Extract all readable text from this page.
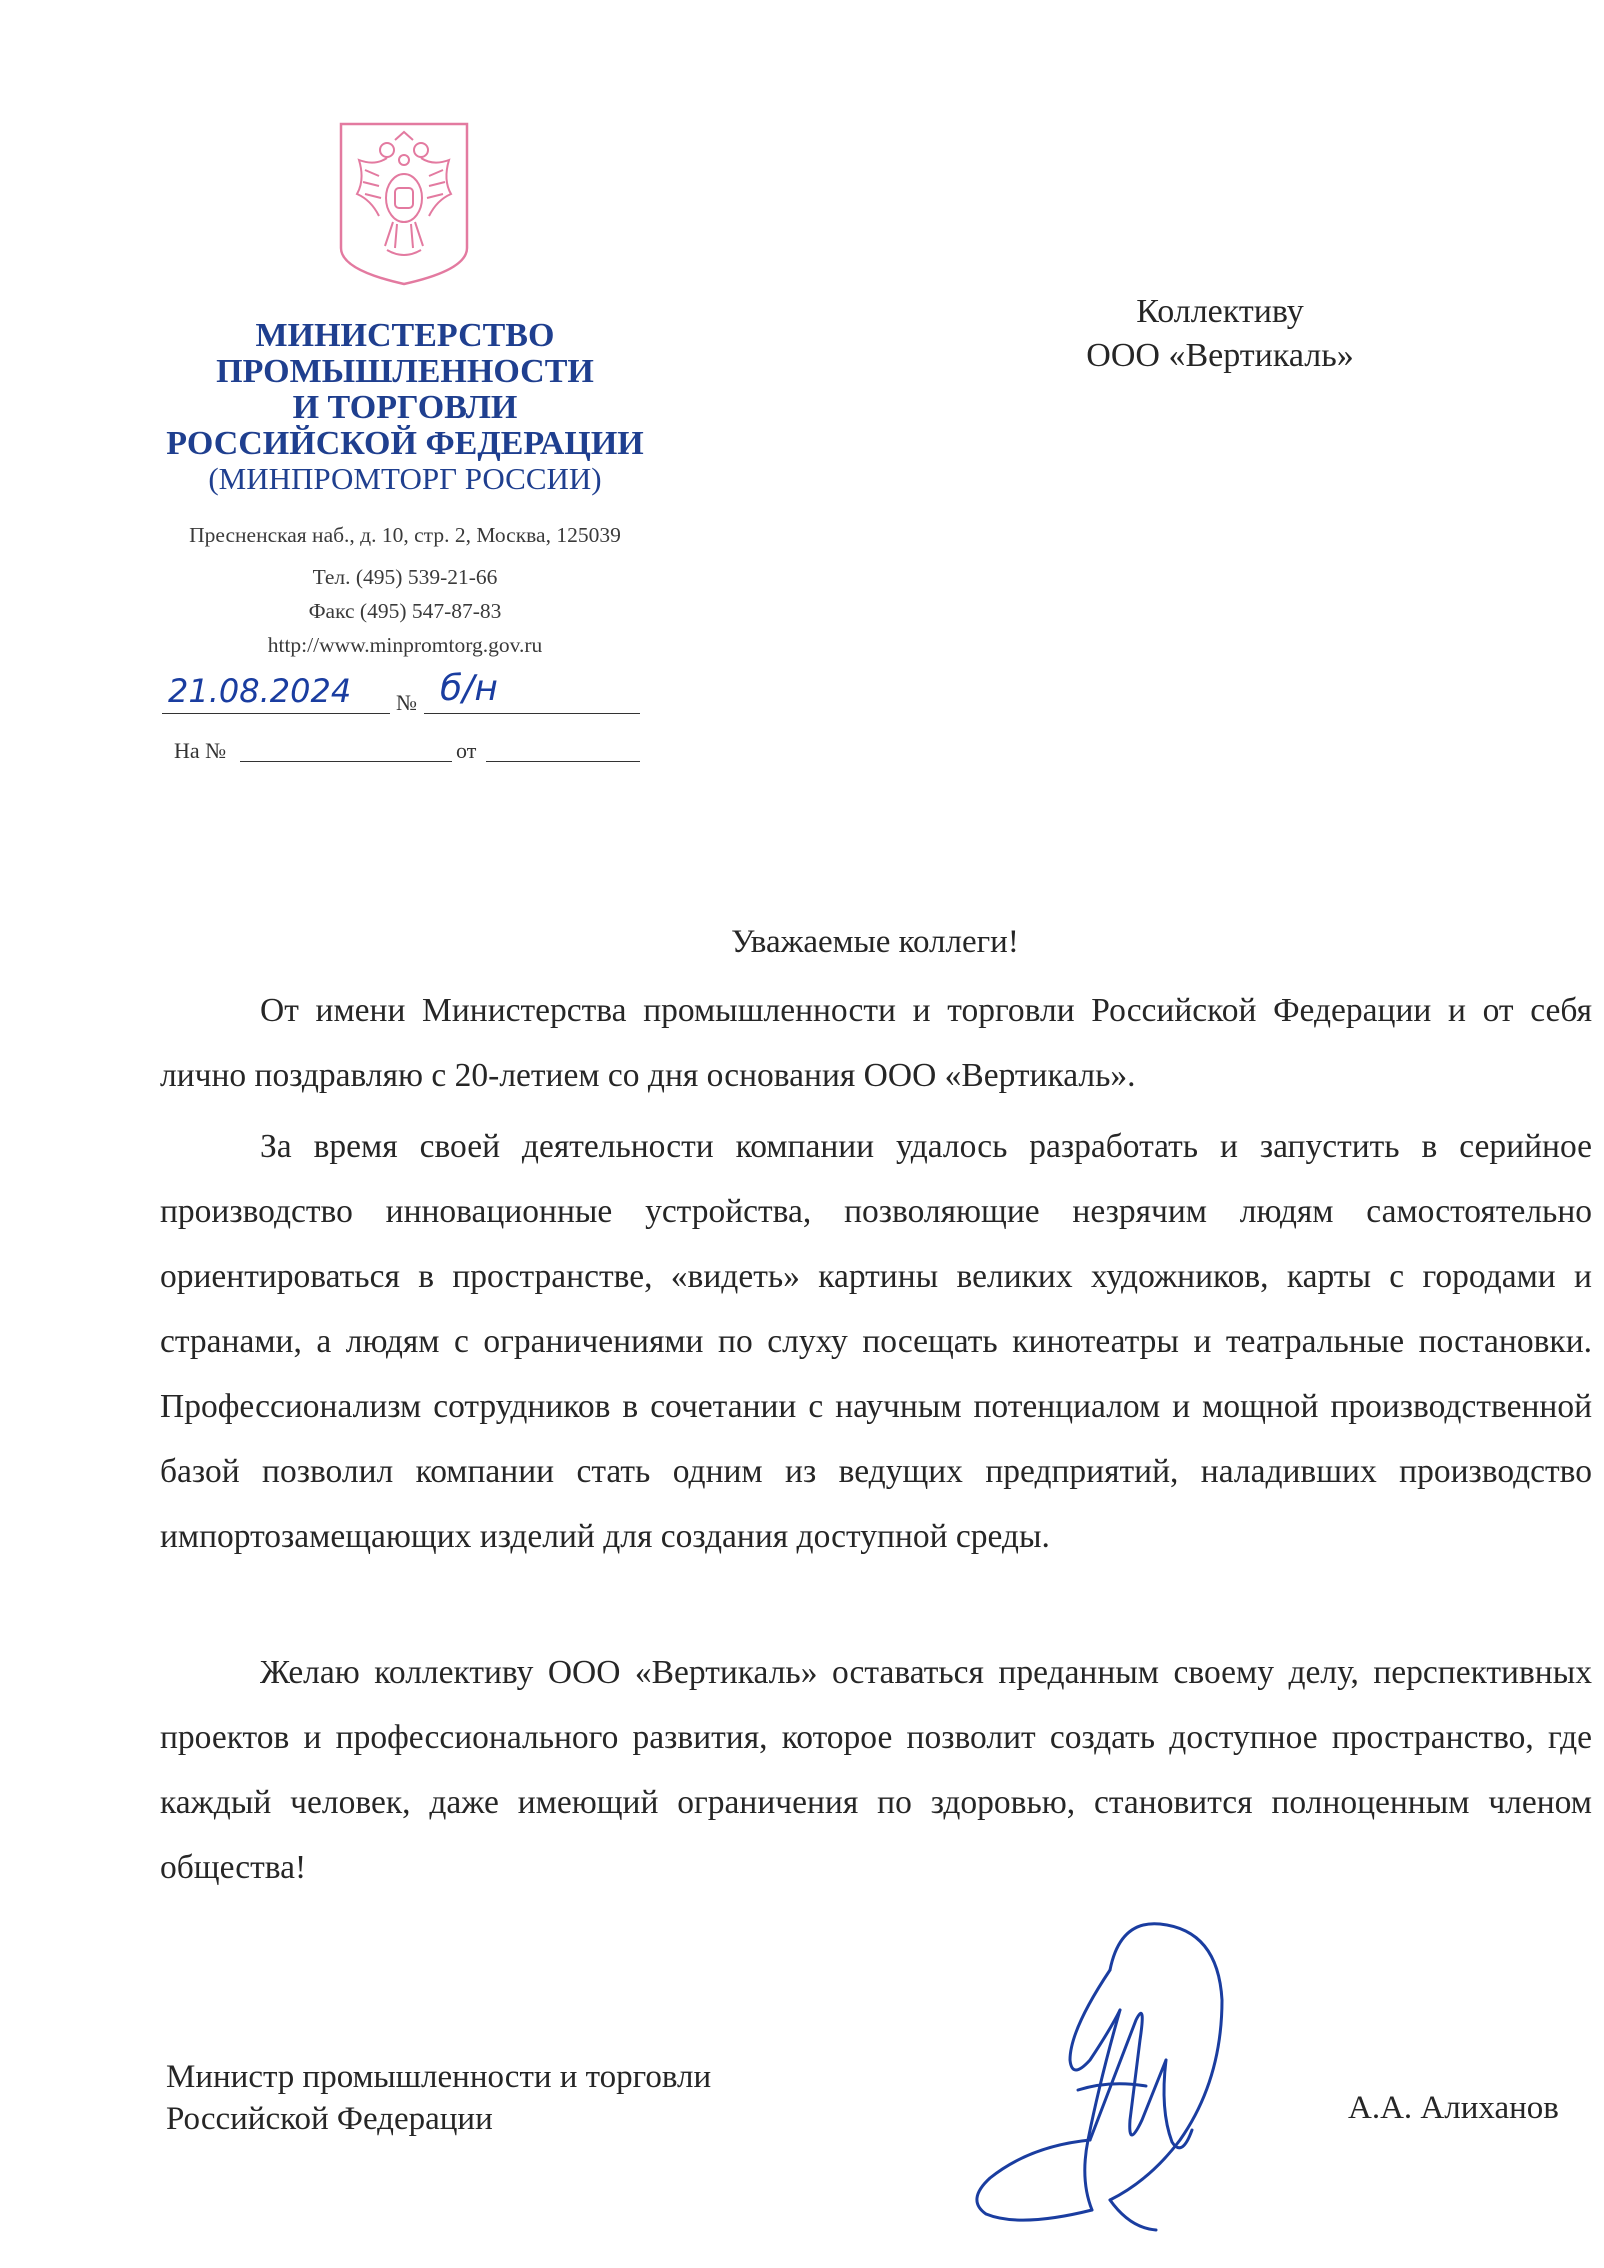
МИНИСТЕРСТВО
ПРОМЫШЛЕННОСТИ
И ТОРГОВЛИ
РОССИЙСКОЙ ФЕДЕРАЦИИ
(МИНПРОМТОРГ РОССИИ)
Пресненская наб., д. 10, стр. 2, Москва, 125039
Тел. (495) 539-21-66
Факс (495) 547-87-83
http://www.minpromtorg.gov.ru
21.08.2024 № б/н
На №	от
Коллективу
ООО «Вертикаль»
Уважаемые коллеги!
От имени Министерства промышленности и торговли Российской Федерации и от себя лично поздравляю с 20-летием со дня основания ООО «Вертикаль».
За время своей деятельности компании удалось разработать и запустить в серийное производство инновационные устройства, позволяющие незрячим людям самостоятельно ориентироваться в пространстве, «видеть» картины великих художников, карты с городами и странами, а людям с ограничениями по слуху посещать кинотеатры и театральные постановки. Профессионализм сотрудников в сочетании с научным потенциалом и мощной производственной базой позволил компании стать одним из ведущих предприятий, наладивших производство импортозамещающих изделий для создания доступной среды.
Желаю коллективу ООО «Вертикаль» оставаться преданным своему делу, перспективных проектов и профессионального развития, которое позволит создать доступное пространство, где каждый человек, даже имеющий ограничения по здоровью, становится полноценным членом общества!
Министр промышленности и торговли
Российской Федерации	А.А. Алиханов
